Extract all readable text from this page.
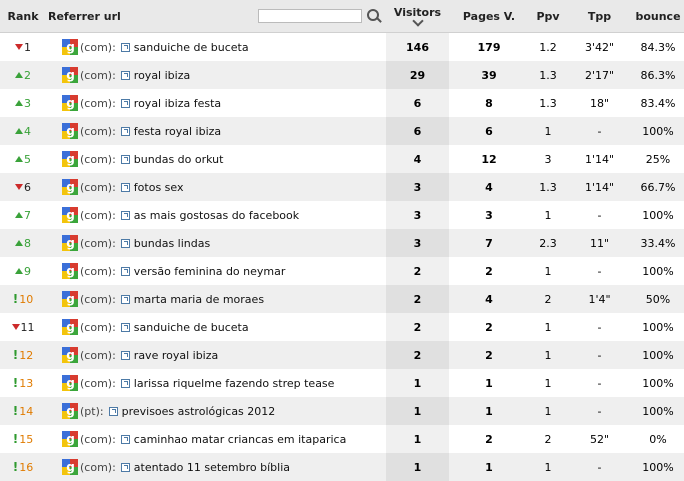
Rank	Referrer url	Visitors	Pages V.	Ppv	Tpp	bounce

1	g (com): sanduiche de buceta	146	179	1.2	3'42"	84.3%

2	g (com): royal ibiza	29	39	1.3	2'17"	86.3%

3	g (com): royal ibiza festa	6	8	1.3	18"	83.4%

4	g (com): festa royal ibiza	6	6	1	-	100%

5	g (com): bundas do orkut	4	12	3	1'14"	25%

6	g (com): fotos sex	3	4	1.3	1'14"	66.7%

7	g (com): as mais gostosas do facebook	3	3	1	-	100%

8	g (com): bundas lindas	3	7	2.3	11"	33.4%

9	g (com): versão feminina do neymar	2	2	1	-	100%

! 10	g (com): marta maria de moraes	2	4	2	1'4"	50%

11	g (com): sanduiche de buceta	2	2	1	-	100%

! 12	g (com): rave royal ibiza	2	2	1	-	100%

! 13	g (com): larissa riquelme fazendo strep tease	1	1	1	-	100%

! 14	g (pt): previsoes astrológicas 2012	1	1	1	-	100%

! 15	g (com): caminhao matar criancas em itaparica	1	2	2	52"	0%

! 16	g (com): atentado 11 setembro bíblia	1	1	1	-	100%
